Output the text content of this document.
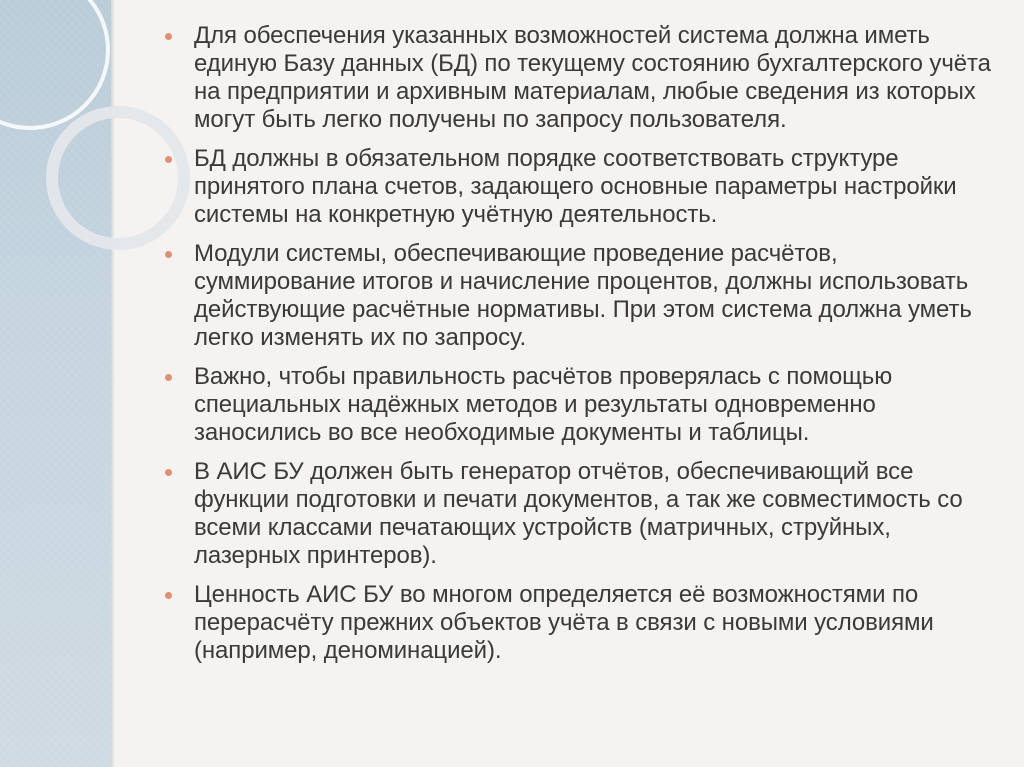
Для обеспечения указанных возможностей система должна иметь единую Базу данных (БД) по текущему состоянию бухгалтерского учёта на предприятии и архивным материалам, любые сведения из которых могут быть легко получены по запросу пользователя.
БД должны в обязательном порядке соответствовать структуре принятого плана счетов, задающего основные параметры настройки системы на конкретную учётную деятельность.
Модули системы, обеспечивающие проведение расчётов, суммирование итогов и начисление процентов, должны использовать действующие расчётные нормативы. При этом система должна уметь легко изменять их по запросу.
Важно, чтобы правильность расчётов проверялась с помощью специальных надёжных методов и результаты одновременно заносились во все необходимые документы и таблицы.
В АИС БУ должен быть генератор отчётов, обеспечивающий все функции подготовки и печати документов, а так же совместимость со всеми классами печатающих устройств (матричных, струйных, лазерных принтеров).
Ценность АИС БУ во многом определяется её возможностями по перерасчёту прежних объектов учёта в связи с новыми условиями (например, деноминацией).
